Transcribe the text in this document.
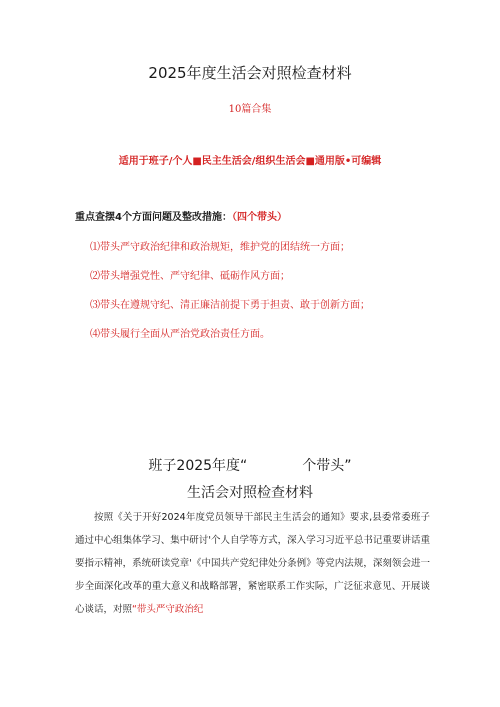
2025年度生活会对照检查材料
10篇合集
适用于班子/个人■民主生活会/组织生活会■通用版•可编辑
重点查摆4个方面问题及整改措施：（四个带头）
⑴带头严守政治纪律和政治规矩，维护党的团结统一方面；
⑵带头增强党性、严守纪律、砥砺作风方面；
⑶带头在遵规守纪、清正廉洁前提下勇于担责、敢于创新方面；
⑷带头履行全面从严治党政治责任方面。
班子2025年度“	个带头”
生活会对照检查材料

按照《关于开好2024年度党员领导干部民主生活会的通知》要求,县委常委班子通过中心组集体学习、集中研讨'个人自学等方式，深入学习习近平总书记重要讲话重要指示精神，系统研读党章'《中国共产党纪律处分条例》等党内法规，深刻领会进一步全面深化改革的重大意义和战略部署，紧密联系工作实际，广泛征求意见、开展谈心谈话，对照“带头严守政治纪
